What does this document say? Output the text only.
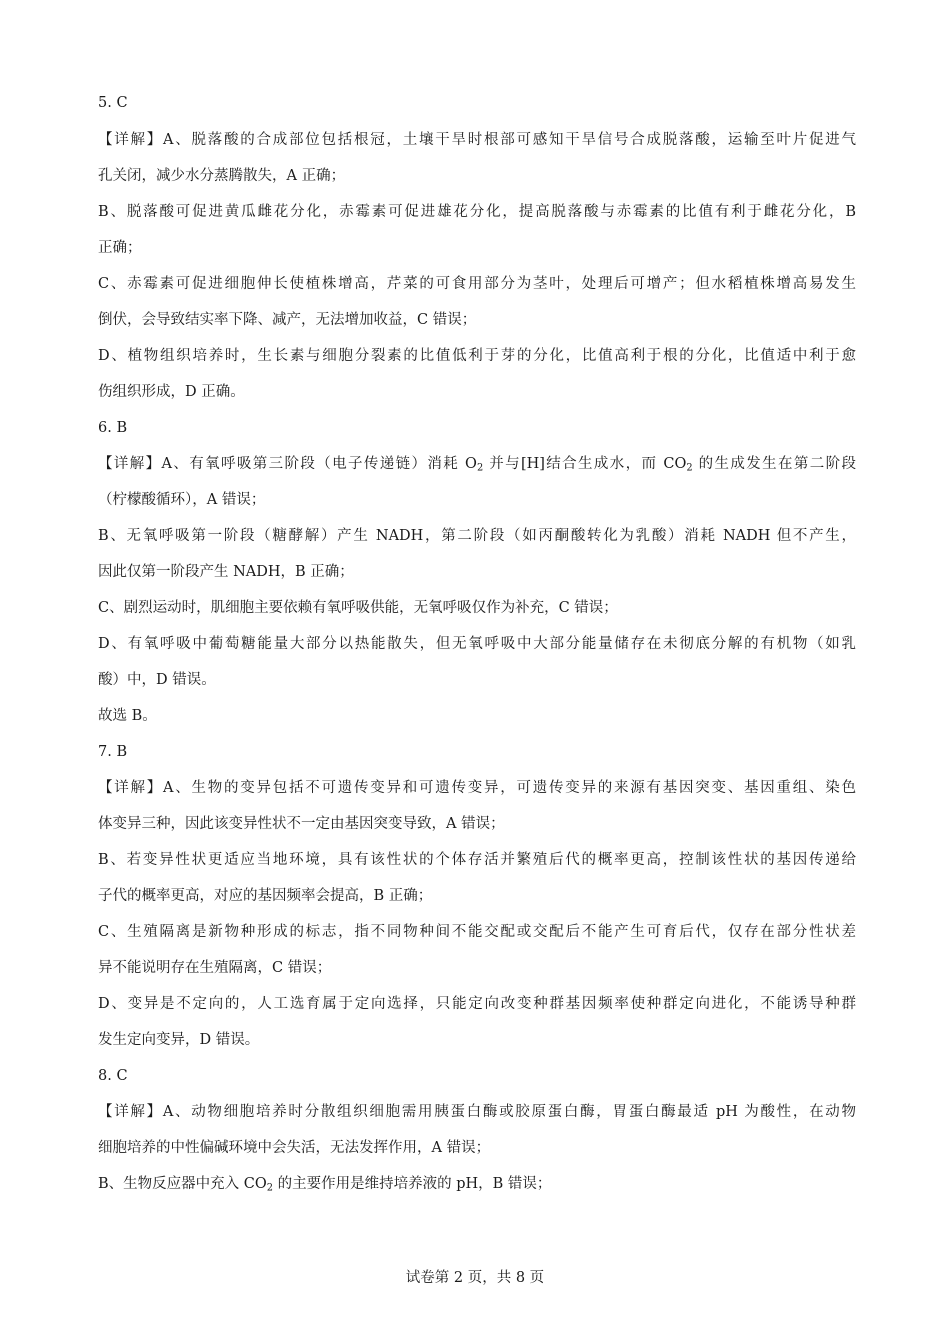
5. C
【详解】A、脱落酸的合成部位包括根冠，土壤干旱时根部可感知干旱信号合成脱落酸，运输至叶片促进气
孔关闭，减少水分蒸腾散失，A 正确；
B、脱落酸可促进黄瓜雌花分化，赤霉素可促进雄花分化，提高脱落酸与赤霉素的比值有利于雌花分化，B
正确；
C、赤霉素可促进细胞伸长使植株增高，芹菜的可食用部分为茎叶，处理后可增产；但水稻植株增高易发生
倒伏，会导致结实率下降、减产，无法增加收益，C 错误；
D、植物组织培养时，生长素与细胞分裂素的比值低利于芽的分化，比值高利于根的分化，比值适中利于愈
伤组织形成，D 正确。
6. B
【详解】A、有氧呼吸第三阶段（电子传递链）消耗 $O_2$ 并与[H]结合生成水，而 $CO_2$ 的生成发生在第二阶段
（柠檬酸循环），A 错误；
B、无氧呼吸第一阶段（糖酵解）产生 NADH，第二阶段（如丙酮酸转化为乳酸）消耗 NADH 但不产生，
因此仅第一阶段产生 NADH，B 正确；
C、剧烈运动时，肌细胞主要依赖有氧呼吸供能，无氧呼吸仅作为补充，C 错误；
D、有氧呼吸中葡萄糖能量大部分以热能散失，但无氧呼吸中大部分能量储存在未彻底分解的有机物（如乳
酸）中，D 错误。
故选 B。
7. B
【详解】A、生物的变异包括不可遗传变异和可遗传变异，可遗传变异的来源有基因突变、基因重组、染色
体变异三种，因此该变异性状不一定由基因突变导致，A 错误；
B、若变异性状更适应当地环境，具有该性状的个体存活并繁殖后代的概率更高，控制该性状的基因传递给
子代的概率更高，对应的基因频率会提高，B 正确；
C、生殖隔离是新物种形成的标志，指不同物种间不能交配或交配后不能产生可育后代，仅存在部分性状差
异不能说明存在生殖隔离，C 错误；
D、变异是不定向的，人工选育属于定向选择，只能定向改变种群基因频率使种群定向进化，不能诱导种群
发生定向变异，D 错误。
8. C
【详解】A、动物细胞培养时分散组织细胞需用胰蛋白酶或胶原蛋白酶，胃蛋白酶最适 pH 为酸性，在动物
细胞培养的中性偏碱环境中会失活，无法发挥作用，A 错误；
B、生物反应器中充入 $CO_2$ 的主要作用是维持培养液的 pH，B 错误；
试卷第 2 页，共 8 页
